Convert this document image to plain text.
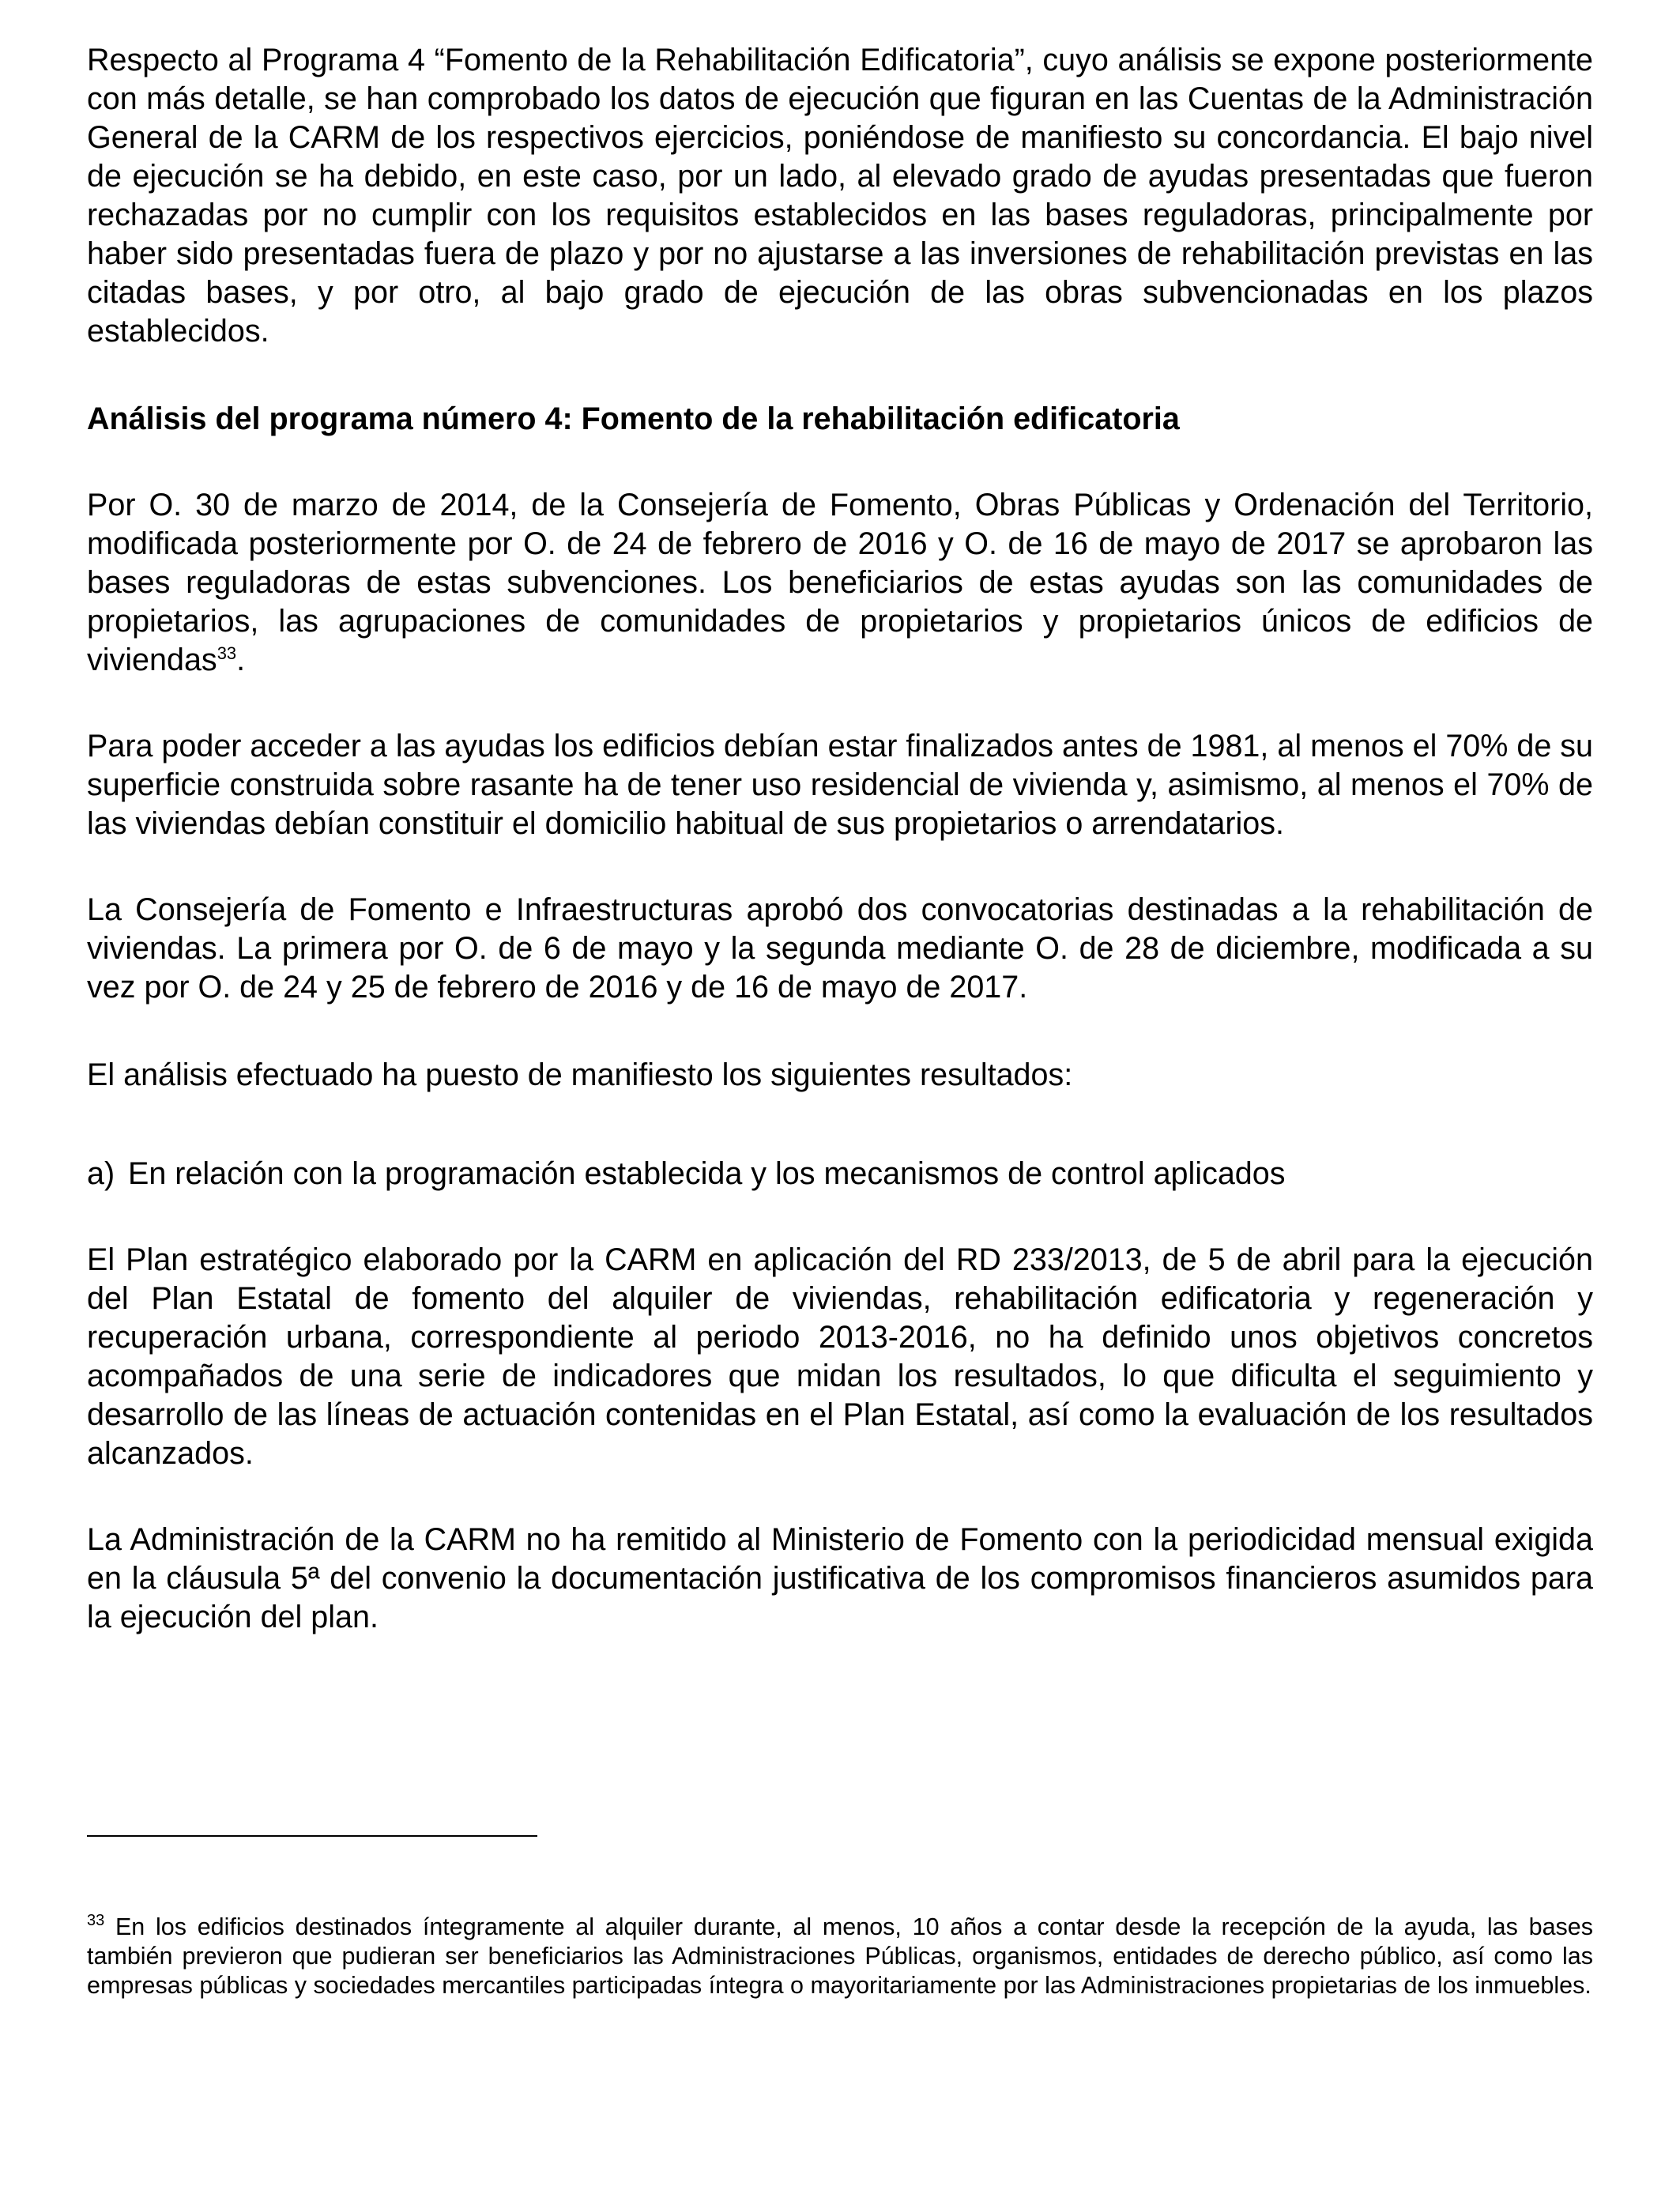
Respecto al Programa 4 “Fomento de la Rehabilitación Edificatoria”, cuyo análisis se expone posteriormente con más detalle, se han comprobado los datos de ejecución que figuran en las Cuentas de la Administración General de la CARM de los respectivos ejercicios, poniéndose de manifiesto su concordancia. El bajo nivel de ejecución se ha debido, en este caso, por un lado, al elevado grado de ayudas presentadas que fueron rechazadas por no cumplir con los requisitos establecidos en las bases reguladoras, principalmente por haber sido presentadas fuera de plazo y por no ajustarse a las inversiones de rehabilitación previstas en las citadas bases, y por otro, al bajo grado de ejecución de las obras subvencionadas en los plazos establecidos.

Análisis del programa número 4: Fomento de la rehabilitación edificatoria

Por O. 30 de marzo de 2014, de la Consejería de Fomento, Obras Públicas y Ordenación del Territorio, modificada posteriormente por O. de 24 de febrero de 2016 y O. de 16 de mayo de 2017 se aprobaron las bases reguladoras de estas subvenciones. Los beneficiarios de estas ayudas son las comunidades de propietarios, las agrupaciones de comunidades de propietarios y propietarios únicos de edificios de viviendas$^{33}$.

Para poder acceder a las ayudas los edificios debían estar finalizados antes de 1981, al menos el 70% de su superficie construida sobre rasante ha de tener uso residencial de vivienda y, asimismo, al menos el 70% de las viviendas debían constituir el domicilio habitual de sus propietarios o arrendatarios.

La Consejería de Fomento e Infraestructuras aprobó dos convocatorias destinadas a la rehabilitación de viviendas. La primera por O. de 6 de mayo y la segunda mediante O. de 28 de diciembre, modificada a su vez por O. de 24 y 25 de febrero de 2016 y de 16 de mayo de 2017.

El análisis efectuado ha puesto de manifiesto los siguientes resultados:

a) En relación con la programación establecida y los mecanismos de control aplicados

El Plan estratégico elaborado por la CARM en aplicación del RD 233/2013, de 5 de abril para la ejecución del Plan Estatal de fomento del alquiler de viviendas, rehabilitación edificatoria y regeneración y recuperación urbana, correspondiente al periodo 2013-2016, no ha definido unos objetivos concretos acompañados de una serie de indicadores que midan los resultados, lo que dificulta el seguimiento y desarrollo de las líneas de actuación contenidas en el Plan Estatal, así como la evaluación de los resultados alcanzados.

La Administración de la CARM no ha remitido al Ministerio de Fomento con la periodicidad mensual exigida en la cláusula 5ª del convenio la documentación justificativa de los compromisos financieros asumidos para la ejecución del plan.

$^{33}$ En los edificios destinados íntegramente al alquiler durante, al menos, 10 años a contar desde la recepción de la ayuda, las bases también previeron que pudieran ser beneficiarios las Administraciones Públicas, organismos, entidades de derecho público, así como las empresas públicas y sociedades mercantiles participadas íntegra o mayoritariamente por las Administraciones propietarias de los inmuebles.
